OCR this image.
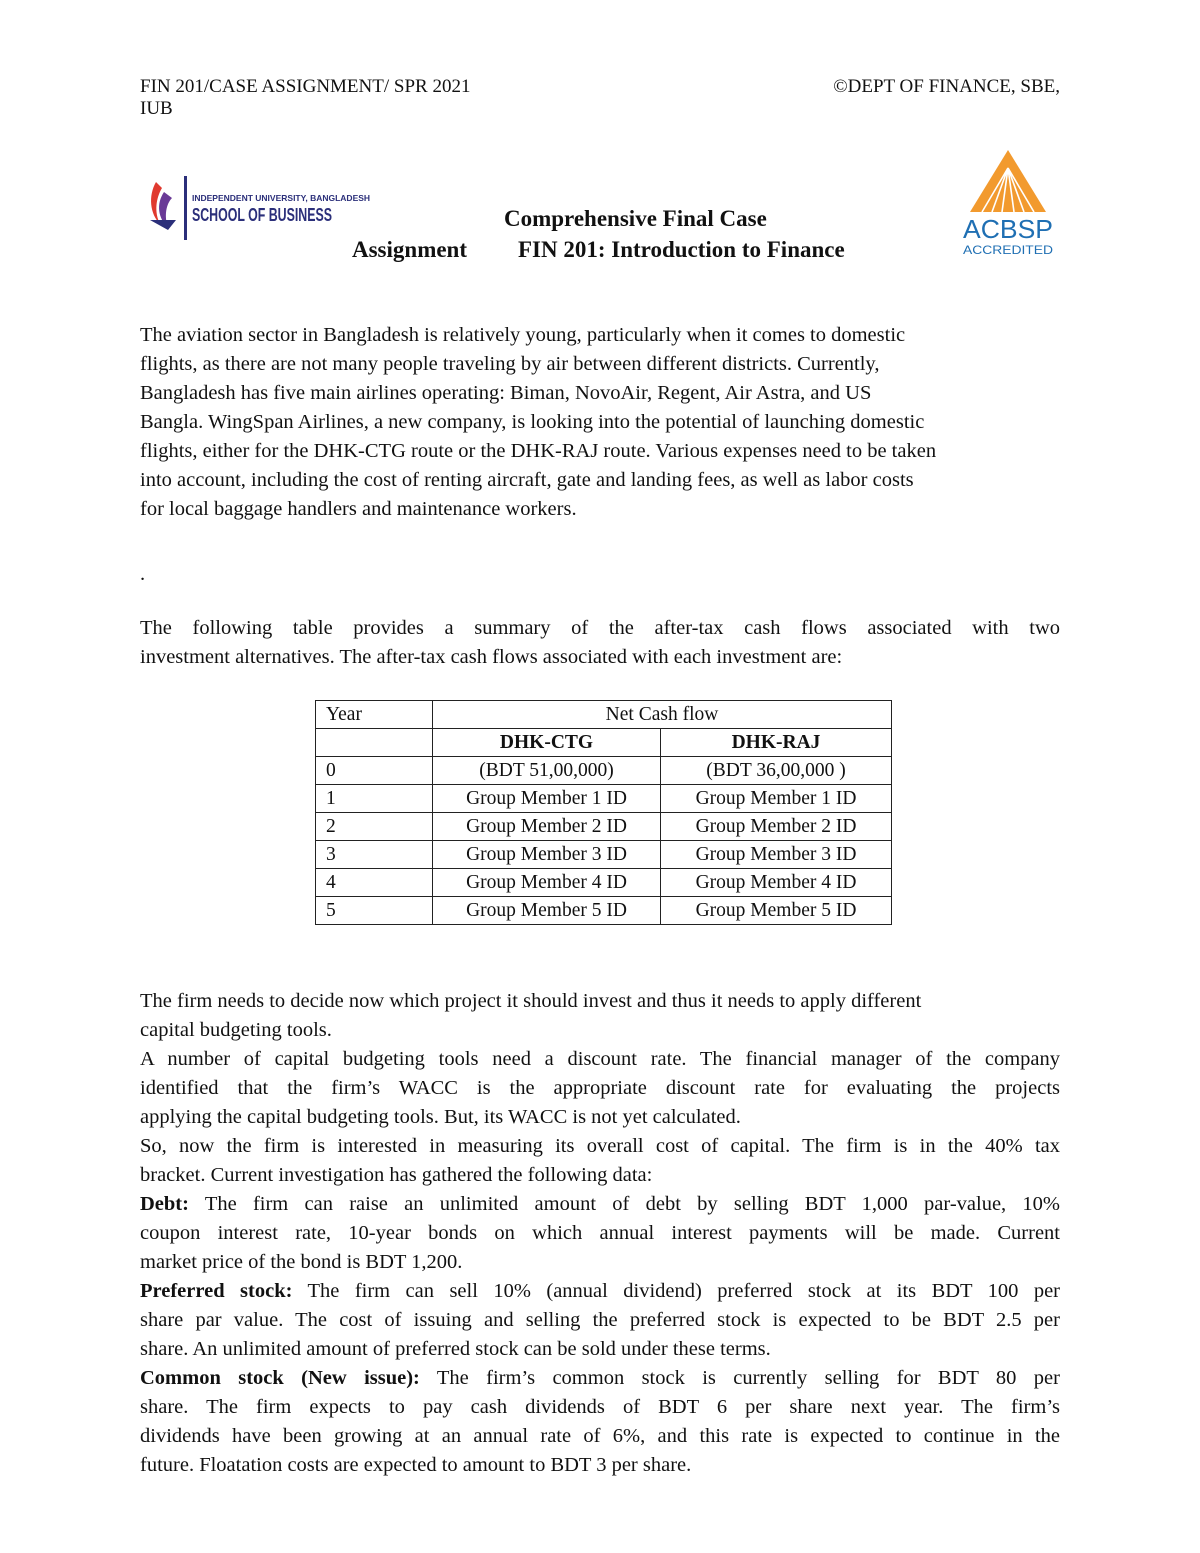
FIN 201/CASE ASSIGNMENT/ SPR 2021
IUB
©DEPT OF FINANCE, SBE,
INDEPENDENT UNIVERSITY, BANGLADESH
SCHOOL OF BUSINESS	ACBSP
ACCREDITED
Comprehensive Final Case
Assignment FIN 201: Introduction to Finance
The aviation sector in Bangladesh is relatively young, particularly when it comes to domestic
flights, as there are not many people traveling by air between different districts. Currently,
Bangladesh has five main airlines operating: Biman, NovoAir, Regent, Air Astra, and US
Bangla. WingSpan Airlines, a new company, is looking into the potential of launching domestic
flights, either for the DHK-CTG route or the DHK-RAJ route. Various expenses need to be taken
into account, including the cost of renting aircraft, gate and landing fees, as well as labor costs
for local baggage handlers and maintenance workers.
.
The following table provides a summary of the after-tax cash flows associated with two
investment alternatives. The after-tax cash flows associated with each investment are:
Year	Net Cash flow	
	DHK-CTG	DHK-RAJ
0	(BDT 51,00,000)	(BDT 36,00,000 )
1	Group Member 1 ID	Group Member 1 ID
2	Group Member 2 ID	Group Member 2 ID
3	Group Member 3 ID	Group Member 3 ID
4	Group Member 4 ID	Group Member 4 ID
5	Group Member 5 ID	Group Member 5 ID
The firm needs to decide now which project it should invest and thus it needs to apply different
capital budgeting tools.
A number of capital budgeting tools need a discount rate. The financial manager of the company
identified that the firm’s WACC is the appropriate discount rate for evaluating the projects
applying the capital budgeting tools. But, its WACC is not yet calculated.
So, now the firm is interested in measuring its overall cost of capital. The firm is in the 40% tax
bracket. Current investigation has gathered the following data:
Debt: The firm can raise an unlimited amount of debt by selling BDT 1,000 par-value, 10%
coupon interest rate, 10-year bonds on which annual interest payments will be made. Current
market price of the bond is BDT 1,200.
Preferred stock: The firm can sell 10% (annual dividend) preferred stock at its BDT 100 per
share par value. The cost of issuing and selling the preferred stock is expected to be BDT 2.5 per
share. An unlimited amount of preferred stock can be sold under these terms.
Common stock (New issue): The firm’s common stock is currently selling for BDT 80 per
share. The firm expects to pay cash dividends of BDT 6 per share next year. The firm’s
dividends have been growing at an annual rate of 6%, and this rate is expected to continue in the
future. Floatation costs are expected to amount to BDT 3 per share.
